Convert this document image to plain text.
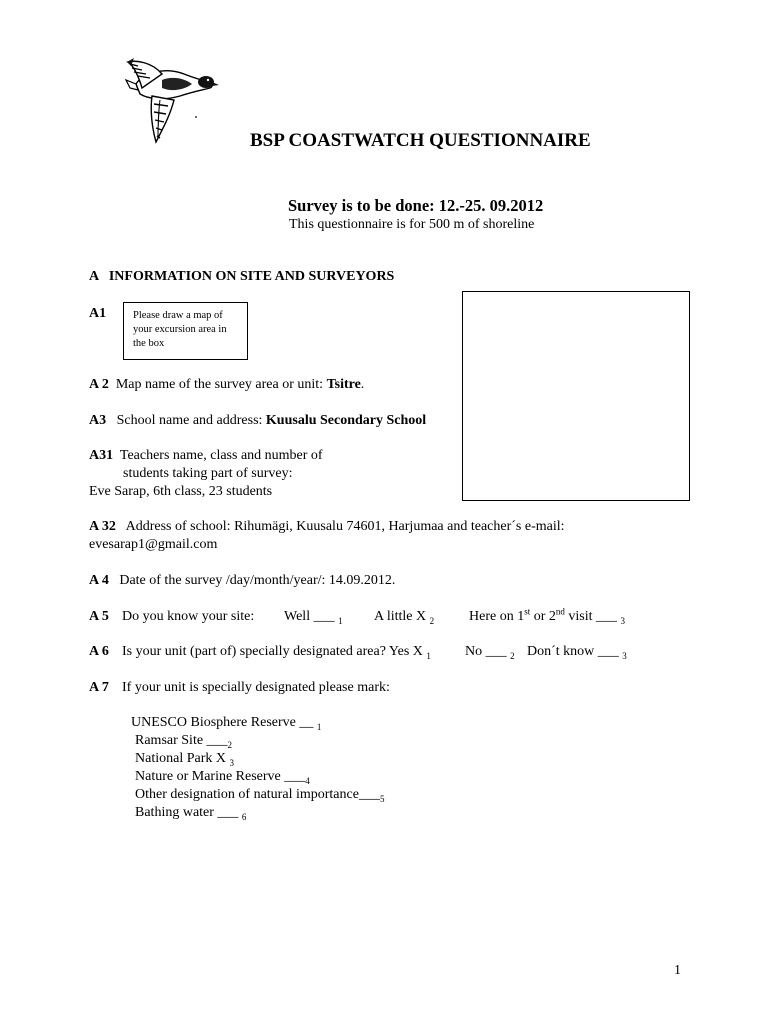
BSP COASTWATCH QUESTIONNAIRE
Survey is to be done: 12.-25. 09.2012
This questionnaire is for 500 m of shoreline
A   INFORMATION ON SITE AND SURVEYORS
A1	Please draw a map of
your excursion area in
the box
A 2 Map name of the survey area or unit: Tsitre.
A3 School name and address: Kuusalu Secondary School
A31 Teachers name, class and number of
students taking part of survey:
Eve Sarap, 6th class, 23 students
A 32 Address of school: Rihumägi, Kuusalu 74601, Harjumaa and teacher´s e-mail:
evesarap1@gmail.com
A 4 Date of the survey /day/month/year/: 14.09.2012.
A 5 Do you know your site: Well ___ $_1$ A little X $_2$ Here on 1st or 2nd visit ___ $_3$
A 6 Is your unit (part of) specially designated area? Yes X $_1$ No ___ $_2$ Don´t know ___ $_3$
A 7 If your unit is specially designated please mark:
UNESCO Biosphere Reserve __ $_1$
Ramsar Site $\_\_\__2$
National Park X $_3$
Nature or Marine Reserve $\_\_\__4$
Other designation of natural $importance\_\_\__5$
Bathing water ___ $_6$
1
